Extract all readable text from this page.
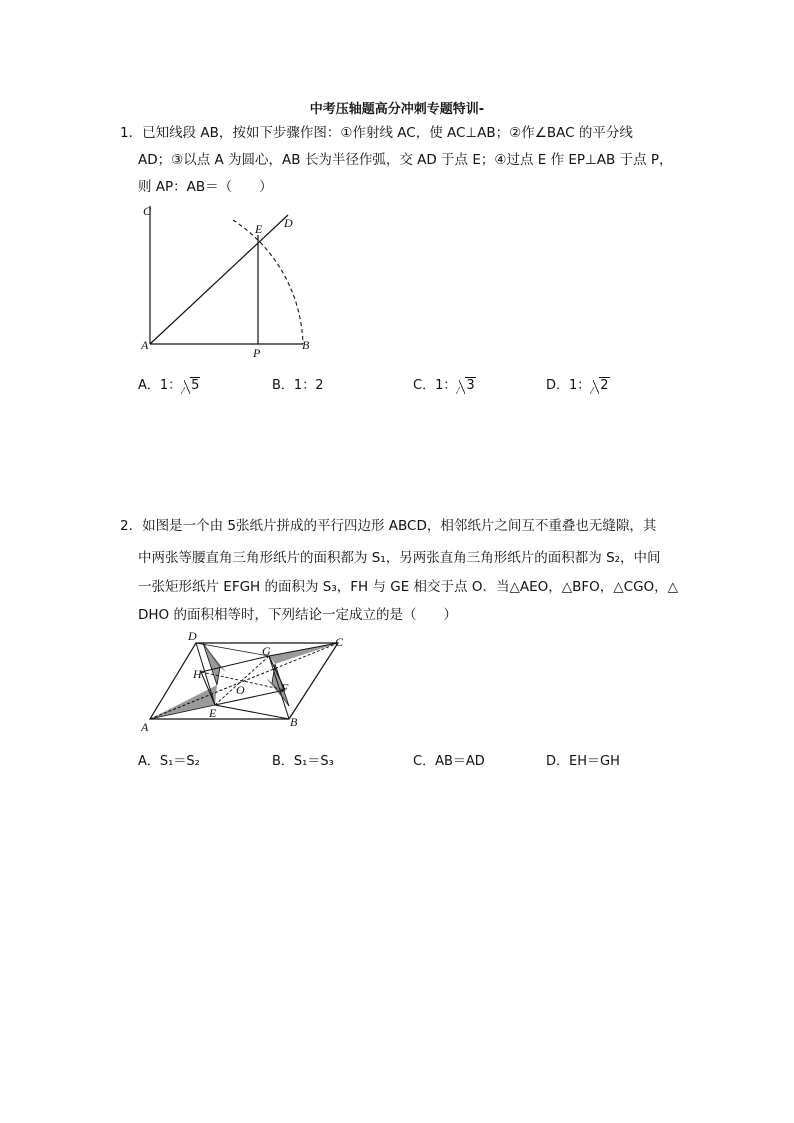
中考压轴题高分冲刺专题特训-
1．已知线段 AB，按如下步骤作图：①作射线 AC，使 AC⊥AB；②作∠BAC 的平分线
AD；③以点 A 为圆心，AB 长为半径作弧，交 AD 于点 E；④过点 E 作 EP⊥AB 于点 P，
则 AP：AB＝（　　）
C
E D
A
P
B
A．1： 5	B．1：2	C．1： 3	D．1： 2
2．如图是一个由 5张纸片拼成的平行四边形 ABCD，相邻纸片之间互不重叠也无缝隙，其
中两张等腰直角三角形纸片的面积都为 S₁，另两张直角三角形纸片的面积都为 S₂，中间
一张矩形纸片 EFGH 的面积为 S₃，FH 与 GE 相交于点 O．当△AEO，△BFO，△CGO，△
DHO 的面积相等时，下列结论一定成立的是（　　）
D	C
G
H
O	F
A
E
B
A．S₁＝S₂	B．S₁＝S₃	C．AB＝AD	D．EH＝GH
